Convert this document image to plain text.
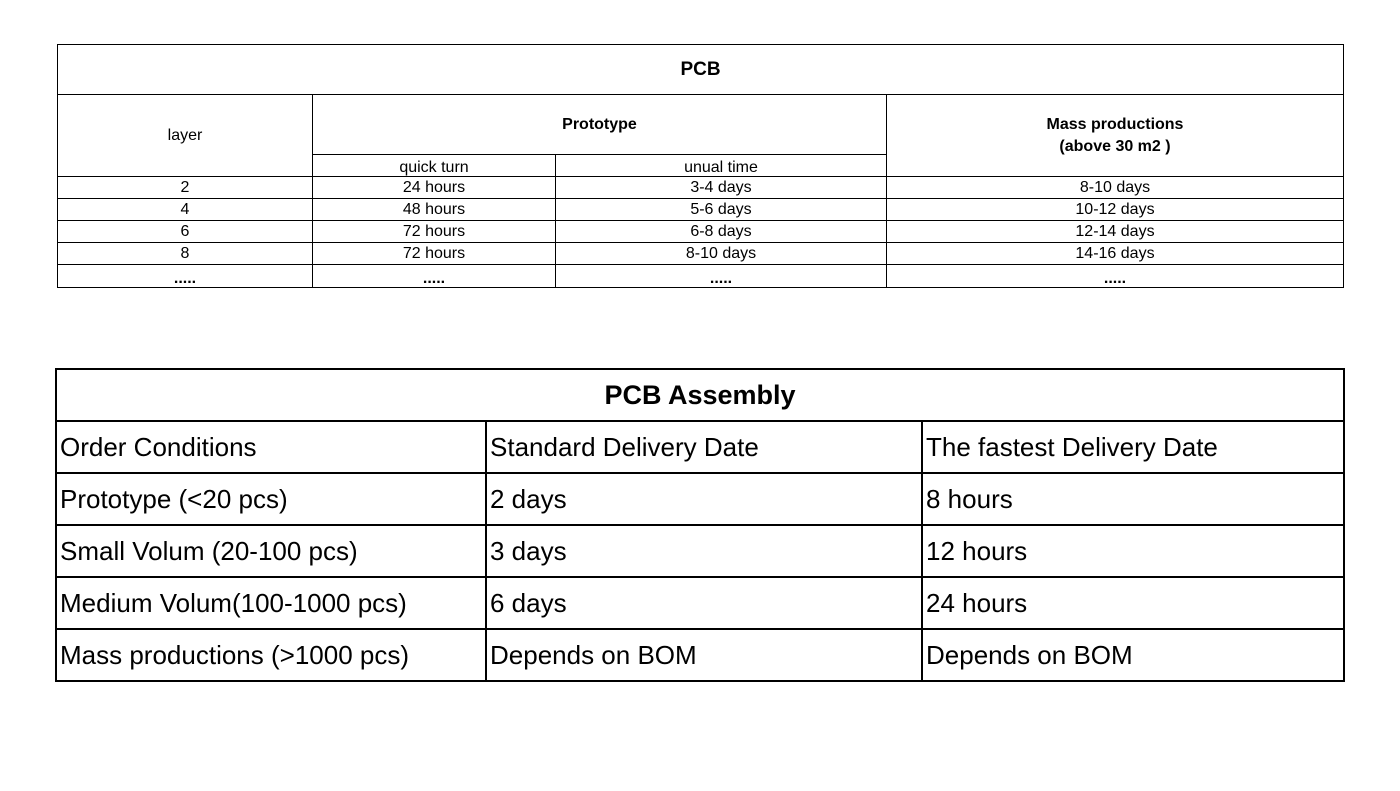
PCB			
layer	Prototype		Mass productions
(above 30 m2 )

	quick turn	unual time	
2	24 hours	3-4 days	8-10 days
4	48 hours	5-6 days	10-12 days
6	72 hours	6-8 days	12-14 days
8	72 hours	8-10 days	14-16 days
.....	.....	.....	.....
PCB Assembly		
Order Conditions	Standard Delivery Date	The fastest Delivery Date
Prototype (<20 pcs)	2 days	8 hours
Small Volum (20-100 pcs)	3 days	12 hours
Medium Volum(100-1000 pcs)	6 days	24 hours
Mass productions (>1000 pcs)	Depends on BOM	Depends on BOM
